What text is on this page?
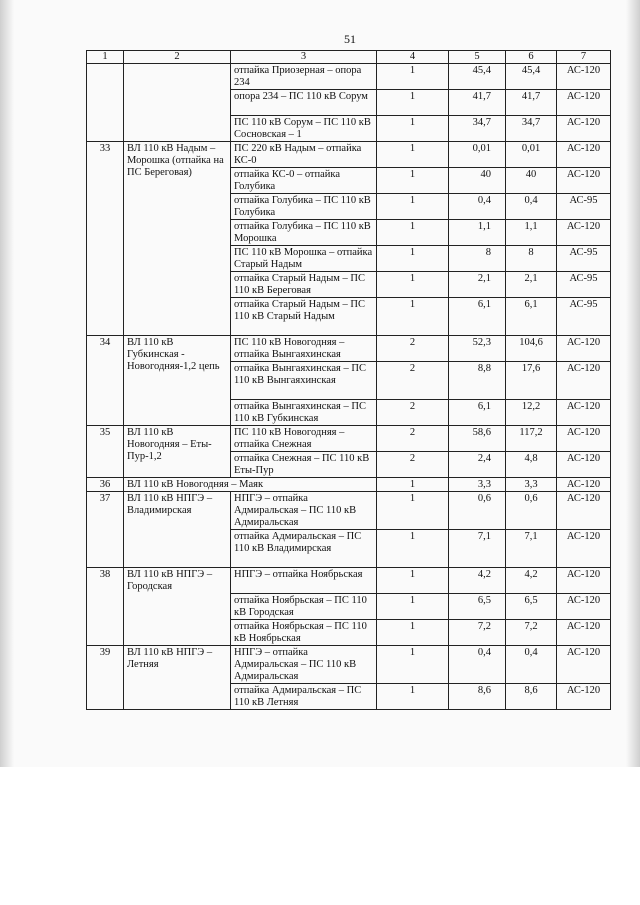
51
1	2	3	4	5	6	7
		отпайка Приозерная – опора 234	1	45,4	45,4	АС-120
		опора 234 – ПС 110 кВ Сорум	1	41,7	41,7	АС-120
		ПС 110 кВ Сорум – ПС 110 кВ Сосновская – 1	1	34,7	34,7	АС-120
33	ВЛ 110 кВ Надым – Морошка (отпайка на ПС Береговая)	ПС 220 кВ Надым – отпайка КС-0	1	0,01	0,01	АС-120
		отпайка КС-0 – отпайка Голубика	1	40	40	АС-120
		отпайка Голубика – ПС 110 кВ Голубика	1	0,4	0,4	АС-95
		отпайка Голубика – ПС 110 кВ Морошка	1	1,1	1,1	АС-120
		ПС 110 кВ Морошка – отпайка Старый Надым	1	8	8	АС-95
		отпайка Старый Надым – ПС 110 кВ Береговая	1	2,1	2,1	АС-95
		отпайка Старый Надым – ПС 110 кВ Старый Надым	1	6,1	6,1	АС-95
34	ВЛ 110 кВ Губкинская - Новогодняя-1,2 цепь	ПС 110 кВ Новогодняя – отпайка Вынгаяхинская	2	52,3	104,6	АС-120
		отпайка Вынгаяхинская – ПС 110 кВ Вынгаяхинская	2	8,8	17,6	АС-120
		отпайка Вынгаяхинская – ПС 110 кВ Губкинская	2	6,1	12,2	АС-120
35	ВЛ 110 кВ Новогодняя – Еты-Пур-1,2	ПС 110 кВ Новогодняя – отпайка Снежная	2	58,6	117,2	АС-120
		отпайка Снежная – ПС 110 кВ Еты-Пур	2	2,4	4,8	АС-120
36	ВЛ 110 кВ Новогодняя – Маяк		1	3,3	3,3	АС-120
37	ВЛ 110 кВ НПГЭ – Владимирская	НПГЭ – отпайка Адмиральская – ПС 110 кВ Адмиральская	1	0,6	0,6	АС-120
		отпайка Адмиральская – ПС 110 кВ Владимирская	1	7,1	7,1	АС-120
38	ВЛ 110 кВ НПГЭ – Городская	НПГЭ – отпайка Ноябрьская	1	4,2	4,2	АС-120
		отпайка Ноябрьская – ПС 110 кВ Городская	1	6,5	6,5	АС-120
		отпайка Ноябрьская – ПС 110 кВ Ноябрьская	1	7,2	7,2	АС-120
39	ВЛ 110 кВ НПГЭ – Летняя	НПГЭ – отпайка Адмиральская – ПС 110 кВ Адмиральская	1	0,4	0,4	АС-120
		отпайка Адмиральская – ПС 110 кВ Летняя	1	8,6	8,6	АС-120
